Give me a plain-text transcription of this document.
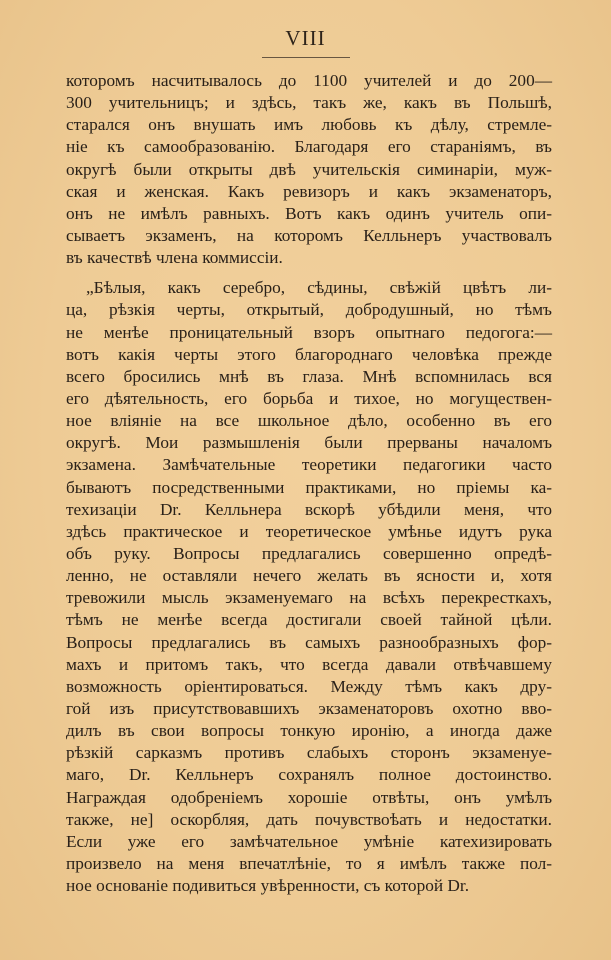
VIII
которомъ насчитывалось до 1100 учителей и до 200—
300 учительницъ; и здѣсь, такъ же, какъ въ Польшѣ,
старался онъ внушать имъ любовь къ дѣлу, стремле-
ніе къ самообразованію. Благодаря его стараніямъ, въ
округѣ были открыты двѣ учительскія симинаріи, муж-
ская и женская. Какъ ревизоръ и какъ экзаменаторъ,
онъ не имѣлъ равныхъ. Вотъ какъ одинъ учитель опи-
сываетъ экзаменъ, на которомъ Келльнеръ участвовалъ
въ качествѣ члена коммиссіи.
„Бѣлыя, какъ серебро, сѣдины, свѣжій цвѣтъ ли-
ца, рѣзкія черты, открытый, добродушный, но тѣмъ
не менѣе проницательный взоръ опытнаго педогога:—
вотъ какія черты этого благороднаго человѣка прежде
всего бросились мнѣ въ глаза. Мнѣ вспомнилась вся
его дѣятельность, его борьба и тихое, но могуществен-
ное вліяніе на все школьное дѣло, особенно въ его
округѣ. Мои размышленія были прерваны началомъ
экзамена. Замѣчательные теоретики педагогики часто
бываютъ посредственными практиками, но пріемы ка-
техизаціи Dr. Келльнера вскорѣ убѣдили меня, что
здѣсь практическое и теоретическое умѣнье идутъ рука
объ руку. Вопросы предлагались совершенно опредѣ-
ленно, не оставляли нечего желать въ ясности и, хотя
тревожили мысль экзаменуемаго на всѣхъ перекресткахъ,
тѣмъ не менѣе всегда достигали своей тайной цѣли.
Вопросы предлагались въ самыхъ разнообразныхъ фор-
махъ и притомъ такъ, что всегда давали отвѣчавшему
возможность оріентироваться. Между тѣмъ какъ дру-
гой изъ присутствовавшихъ экзаменаторовъ охотно вво-
дилъ въ свои вопросы тонкую иронію, а иногда даже
рѣзкій сарказмъ противъ слабыхъ сторонъ экзаменуе-
маго, Dr. Келльнеръ сохранялъ полное достоинство.
Награждая одобреніемъ хорошіе отвѣты, онъ умѣлъ
также, не] оскорбляя, дать почувствоѣать и недостатки.
Если уже его замѣчательное умѣніе катехизировать
произвело на меня впечатлѣніе, то я имѣлъ также пол-
ное основаніе подивиться увѣренности, съ которой Dr.
